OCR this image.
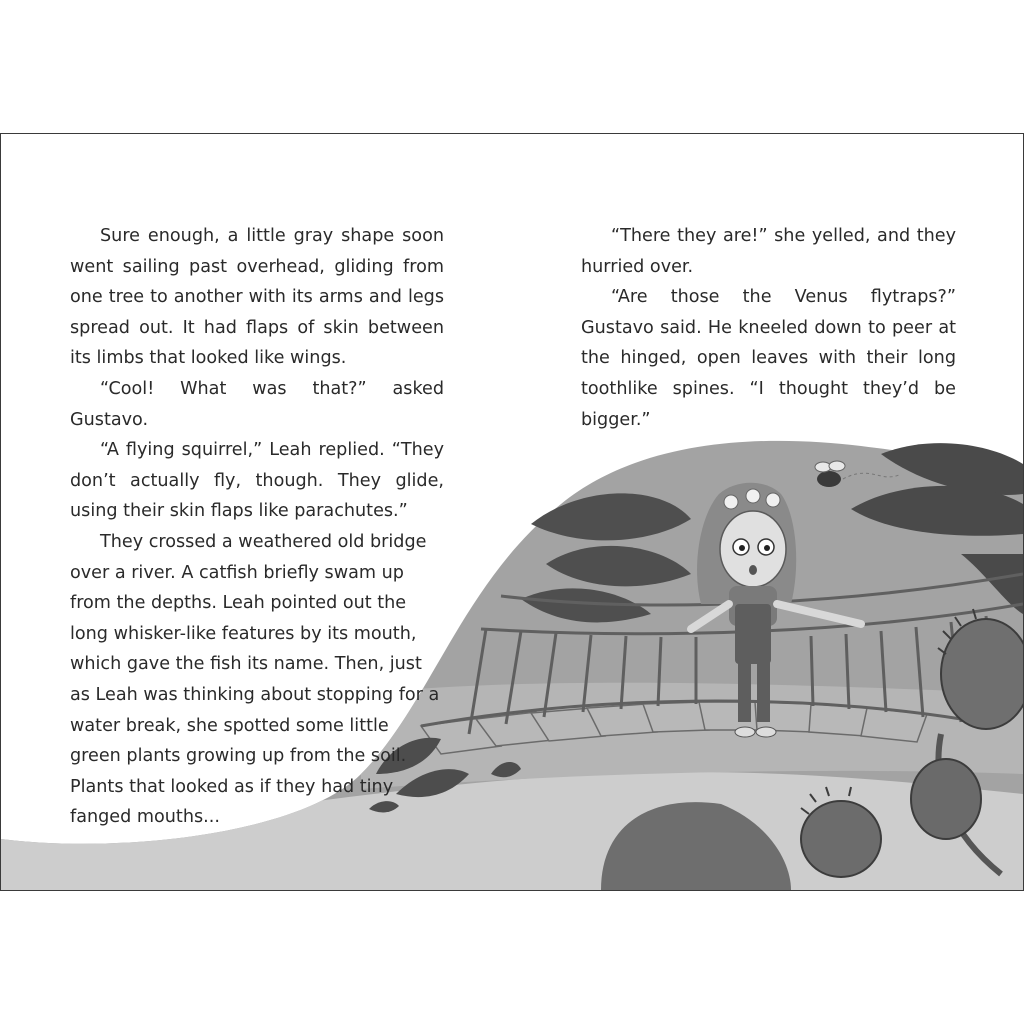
Sure enough, a little gray shape soon went sailing past overhead, gliding from one tree to another with its arms and legs spread out. It had flaps of skin between its limbs that looked like wings.

“Cool! What was that?” asked Gustavo.

“A flying squirrel,” Leah replied. “They don’t actually fly, though. They glide, using their skin flaps like parachutes.”

They crossed a weathered old bridge over a river. A catfish briefly swam up from the depths. Leah pointed out the long whisker-like features by its mouth, which gave the fish its name. Then, just as Leah was thinking about stopping for a water break, she spotted some little green plants growing up from the soil. Plants that looked as if they had tiny fanged mouths...

“There they are!” she yelled, and they hurried over.

“Are those the Venus flytraps?” Gustavo said. He kneeled down to peer at the hinged, open leaves with their long toothlike spines. “I thought they’d be bigger.”
